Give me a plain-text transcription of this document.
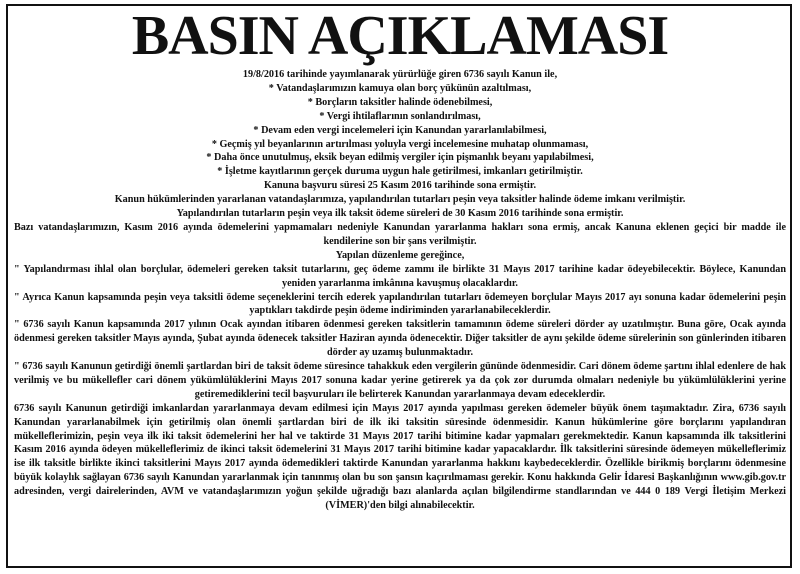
BASIN AÇIKLAMASI
19/8/2016 tarihinde yayımlanarak yürürlüğe giren 6736 sayılı Kanun ile,
* Vatandaşlarımızın kamuya olan borç yükünün azaltılması,
* Borçların taksitler halinde ödenebilmesi,
* Vergi ihtilaflarının sonlandırılması,
* Devam eden vergi incelemeleri için Kanundan yararlanılabilmesi,
* Geçmiş yıl beyanlarının artırılması yoluyla vergi incelemesine muhatap olunmaması,
* Daha önce unutulmuş, eksik beyan edilmiş vergiler için pişmanlık beyanı yapılabilmesi,
* İşletme kayıtlarının gerçek duruma uygun hale getirilmesi, imkanları getirilmiştir.
Kanuna başvuru süresi 25 Kasım 2016 tarihinde sona ermiştir.
Kanun hükümlerinden yararlanan vatandaşlarımıza, yapılandırılan tutarları peşin veya taksitler halinde ödeme imkanı verilmiştir.
Yapılandırılan tutarların peşin veya ilk taksit ödeme süreleri de 30 Kasım 2016 tarihinde sona ermiştir.
Bazı vatandaşlarımızın, Kasım 2016 ayında ödemelerini yapmamaları nedeniyle Kanundan yararlanma hakları sona ermiş, ancak Kanuna eklenen geçici bir madde ile kendilerine son bir şans verilmiştir.
Yapılan düzenleme gereğince,
" Yapılandırması ihlal olan borçlular, ödemeleri gereken taksit tutarlarını, geç ödeme zammı ile birlikte 31 Mayıs 2017 tarihine kadar ödeyebilecektir. Böylece, Kanundan yeniden yararlanma imkânına kavuşmuş olacaklardır.
" Ayrıca Kanun kapsamında peşin veya taksitli ödeme seçeneklerini tercih ederek yapılandırılan tutarları ödemeyen borçlular Mayıs 2017 ayı sonuna kadar ödemelerini peşin yaptıkları takdirde peşin ödeme indiriminden yararlanabileceklerdir.
" 6736 sayılı Kanun kapsamında 2017 yılının Ocak ayından itibaren ödenmesi gereken taksitlerin tamamının ödeme süreleri dörder ay uzatılmıştır. Buna göre, Ocak ayında ödenmesi gereken taksitler Mayıs ayında, Şubat ayında ödenecek taksitler Haziran ayında ödenecektir. Diğer taksitler de aynı şekilde ödeme sürelerinin son günlerinden itibaren dörder ay uzamış bulunmaktadır.
" 6736 sayılı Kanunun getirdiği önemli şartlardan biri de taksit ödeme süresince tahakkuk eden vergilerin gününde ödenmesidir. Cari dönem ödeme şartını ihlal edenlere de hak verilmiş ve bu mükellefler cari dönem yükümlülüklerini Mayıs 2017 sonuna kadar yerine getirerek ya da çok zor durumda olmaları nedeniyle bu yükümlülüklerini yerine getiremediklerini tecil başvuruları ile belirterek Kanundan yararlanmaya devam edeceklerdir.
6736 sayılı Kanunun getirdiği imkanlardan yararlanmaya devam edilmesi için Mayıs 2017 ayında yapılması gereken ödemeler büyük önem taşımaktadır. Zira, 6736 sayılı Kanundan yararlanabilmek için getirilmiş olan önemli şartlardan biri de ilk iki taksitin süresinde ödenmesidir. Kanun hükümlerine göre borçlarını yapılandıran mükelleflerimizin, peşin veya ilk iki taksit ödemelerini her hal ve taktirde 31 Mayıs 2017 tarihi bitimine kadar yapmaları gerekmektedir. Kanun kapsamında ilk taksitlerini Kasım 2016 ayında ödeyen mükelleflerimiz de ikinci taksit ödemelerini 31 Mayıs 2017 tarihi bitimine kadar yapacaklardır. İlk taksitlerini süresinde ödemeyen mükelleflerimiz ise ilk taksitle birlikte ikinci taksitlerini Mayıs 2017 ayında ödemedikleri taktirde Kanundan yararlanma hakkını kaybedeceklerdir. Özellikle birikmiş borçlarını ödenmesine büyük kolaylık sağlayan 6736 sayılı Kanundan yararlanmak için tanınmış olan bu son şansın kaçırılmaması gerekir. Konu hakkında Gelir İdaresi Başkanlığının www.gib.gov.tr adresinden, vergi dairelerinden, AVM ve vatandaşlarımızın yoğun şekilde uğradığı bazı alanlarda açılan bilgilendirme standlarından ve 444 0 189 Vergi İletişim Merkezi (VİMER)'den bilgi alınabilecektir.
